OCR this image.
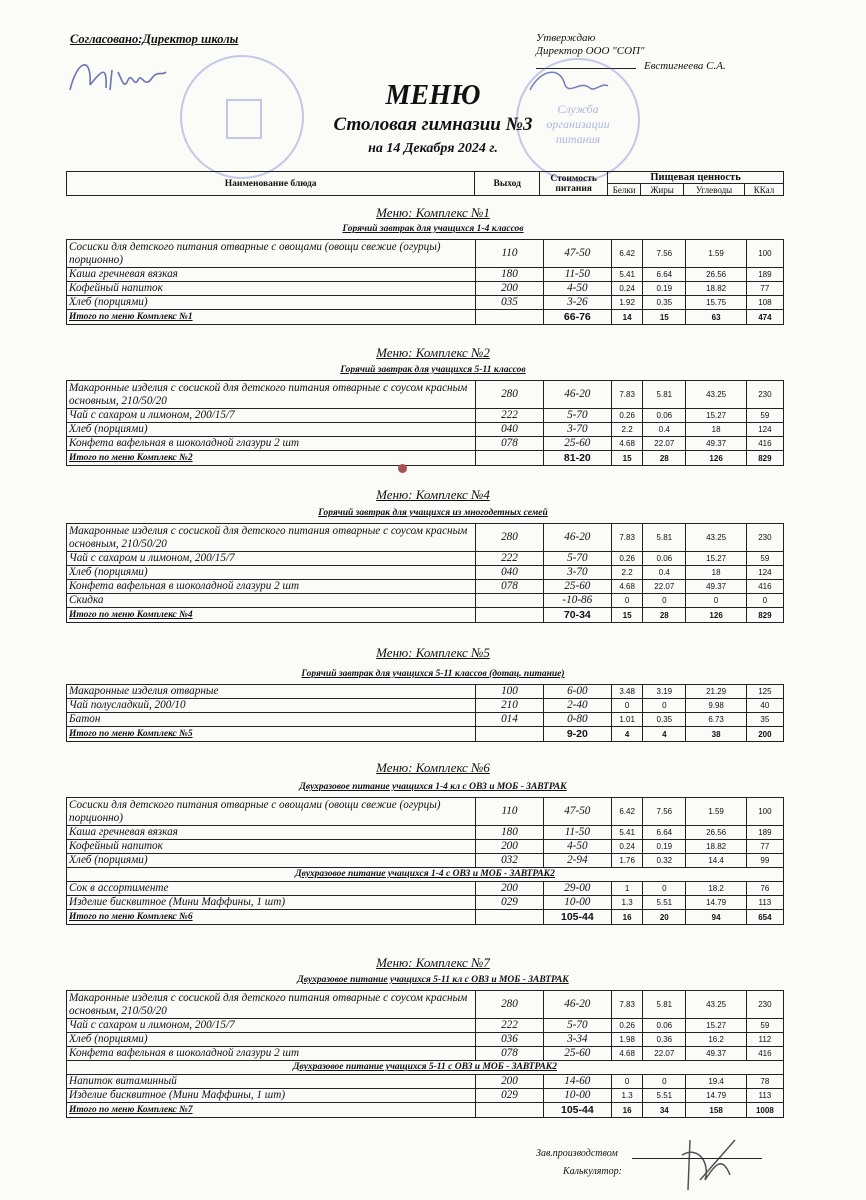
Согласовано:Директор школы	Утверждаю
Директор ООО "СОП"
Евстигнеева С.А.
Служба организации питания
МЕНЮ
Столовая гимназии №3
на 14 Декабря 2024 г.
Наименование блюда	Выход	Стоимость питания	Пищевая ценность			
			Белки	Жиры	Углеводы	ККал
Меню: Комплекс №1
Горячий завтрак для учащихся 1-4 классов
Сосиски для детского питания отварные с овощами (овощи свежие (огурцы) порционно)	110	47-50	6.42	7.56	1.59	100
Каша гречневая вязкая	180	11-50	5.41	6.64	26.56	189
Кофейный напиток	200	4-50	0.24	0.19	18.82	77
Хлеб (порциями)	035	3-26	1.92	0.35	15.75	108
Итого по меню Комплекс №1		66-76	14	15	63	474
Меню: Комплекс №2
Горячий завтрак для учащихся 5-11 классов
Макаронные изделия с сосиской для детского питания отварные с соусом красным основным, 210/50/20	280	46-20	7.83	5.81	43.25	230
Чай с сахаром и лимоном, 200/15/7	222	5-70	0.26	0.06	15.27	59
Хлеб (порциями)	040	3-70	2.2	0.4	18	124
Конфета вафельная в шоколадной глазури 2 шт	078	25-60	4.68	22.07	49.37	416
Итого по меню Комплекс №2		81-20	15	28	126	829
Меню: Комплекс №4
Горячий завтрак для учащихся из многодетных семей
Макаронные изделия с сосиской для детского питания отварные с соусом красным основным, 210/50/20	280	46-20	7.83	5.81	43.25	230
Чай с сахаром и лимоном, 200/15/7	222	5-70	0.26	0.06	15.27	59
Хлеб (порциями)	040	3-70	2.2	0.4	18	124
Конфета вафельная в шоколадной глазури 2 шт	078	25-60	4.68	22.07	49.37	416
Скидка		-10-86	0	0	0	0
Итого по меню Комплекс №4		70-34	15	28	126	829
Меню: Комплекс №5
Горячий завтрак для учащихся 5-11 классов (дотац. питание)
Макаронные изделия отварные	100	6-00	3.48	3.19	21.29	125
Чай полусладкий, 200/10	210	2-40	0	0	9.98	40
Батон	014	0-80	1.01	0.35	6.73	35
Итого по меню Комплекс №5		9-20	4	4	38	200
Меню: Комплекс №6
Двухразовое питание учащихся 1-4 кл с ОВЗ и МОБ - ЗАВТРАК
Сосиски для детского питания отварные с овощами (овощи свежие (огурцы) порционно)	110	47-50	6.42	7.56	1.59	100
Каша гречневая вязкая	180	11-50	5.41	6.64	26.56	189
Кофейный напиток	200	4-50	0.24	0.19	18.82	77
Хлеб (порциями)	032	2-94	1.76	0.32	14.4	99
Двухразовое питание учащихся 1-4 с ОВЗ и МОБ - ЗАВТРАК2						
Сок в ассортименте	200	29-00	1	0	18.2	76
Изделие бисквитное (Мини Маффины, 1 шт)	029	10-00	1.3	5.51	14.79	113
Итого по меню Комплекс №6		105-44	16	20	94	654
Меню: Комплекс №7
Двухразовое питание учащихся 5-11 кл с ОВЗ и МОБ - ЗАВТРАК
Макаронные изделия с сосиской для детского питания отварные с соусом красным основным, 210/50/20	280	46-20	7.83	5.81	43.25	230
Чай с сахаром и лимоном, 200/15/7	222	5-70	0.26	0.06	15.27	59
Хлеб (порциями)	036	3-34	1.98	0.36	16.2	112
Конфета вафельная в шоколадной глазури 2 шт	078	25-60	4.68	22.07	49.37	416
Двухразовое питание учащихся 5-11 с ОВЗ и МОБ - ЗАВТРАК2						
Напиток витаминный	200	14-60	0	0	19.4	78
Изделие бисквитное (Мини Маффины, 1 шт)	029	10-00	1.3	5.51	14.79	113
Итого по меню Комплекс №7		105-44	16	34	158	1008
Зав.производством
Калькулятор:
